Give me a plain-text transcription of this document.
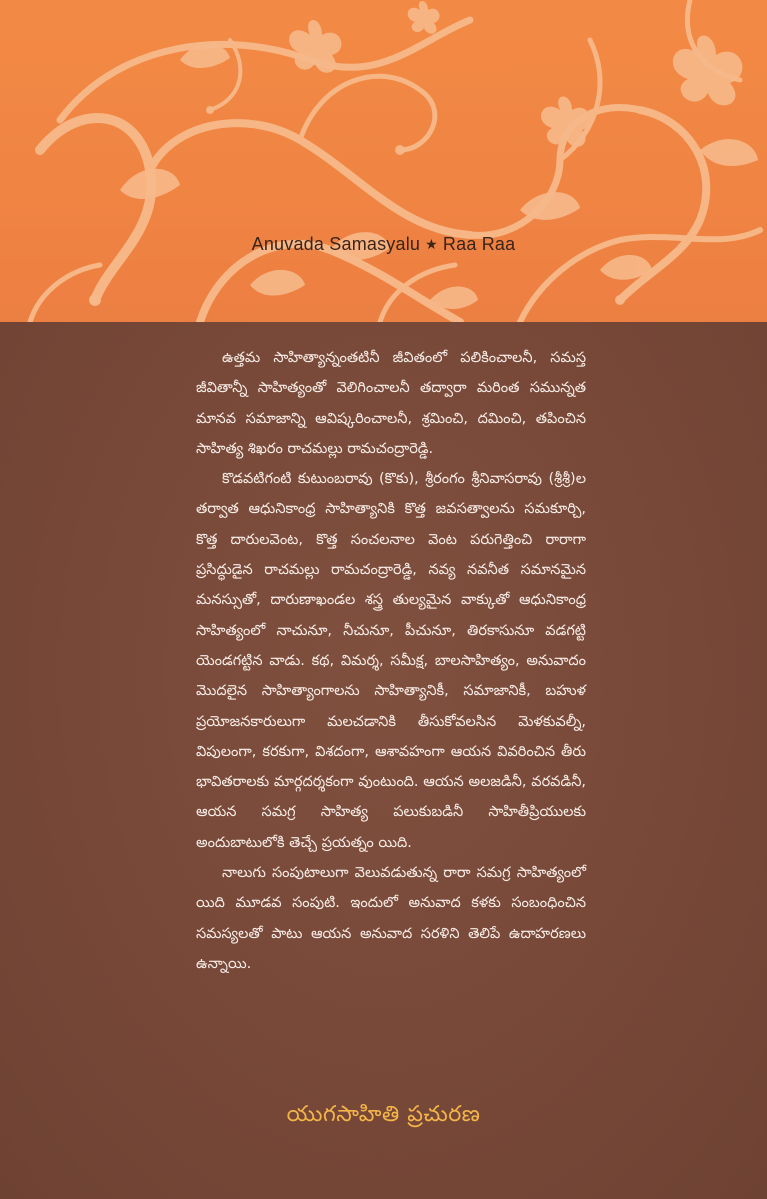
Anuvada Samasyalu ★ Raa Raa

ఉత్తమ సాహిత్యాన్నంతటినీ జీవితంలో పలికించాలనీ, సమస్త జీవితాన్నీ సాహిత్యంతో వెలిగించాలనీ తద్వారా మరింత సమున్నత మానవ సమాజాన్ని ఆవిష్కరించాలనీ, శ్రమించి, దమించి, తపించిన సాహిత్య శిఖరం రాచమల్లు రామచంద్రారెడ్డి.

కొడవటిగంటి కుటుంబరావు (కొకు), శ్రీరంగం శ్రీనివాసరావు (శ్రీశ్రీ)ల తర్వాత ఆధునికాంధ్ర సాహిత్యానికి కొత్త జవసత్వాలను సమకూర్చి, కొత్త దారులవెంట, కొత్త సంచలనాల వెంట పరుగెత్తించి రారాగా ప్రసిద్ధుడైన రాచమల్లు రామచంద్రారెడ్డి, నవ్య నవనీత సమానమైన మనస్సుతో, దారుణాఖండల శస్త్ర తుల్యమైన వాక్కుతో ఆధునికాంధ్ర సాహిత్యంలో నాచునూ, నీచునూ, పీచునూ, తిరకాసునూ వడగట్టి యెండగట్టిన వాడు. కథ, విమర్శ, సమీక్ష, బాలసాహిత్యం, అనువాదం మొదలైన సాహిత్యాంగాలను సాహిత్యానికీ, సమాజానికీ, బహుళ ప్రయోజనకారులుగా మలచడానికి తీసుకోవలసిన మెళకువల్నీ, విపులంగా, కరకుగా, విశదంగా, ఆశావహంగా ఆయన వివరించిన తీరు భావితరాలకు మార్గదర్శకంగా వుంటుంది. ఆయన అలజడినీ, వరవడినీ, ఆయన సమగ్ర సాహిత్య పలుకుబడినీ సాహితీప్రియులకు అందుబాటులోకి తెచ్చే ప్రయత్నం యిది.

నాలుగు సంపుటాలుగా వెలువడుతున్న రారా సమగ్ర సాహిత్యంలో యిది మూడవ సంపుటి. ఇందులో అనువాద కళకు సంబంధించిన సమస్యలతో పాటు ఆయన అనువాద సరళిని తెలిపే ఉదాహరణలు ఉన్నాయి.

యుగసాహితి ప్రచురణ
